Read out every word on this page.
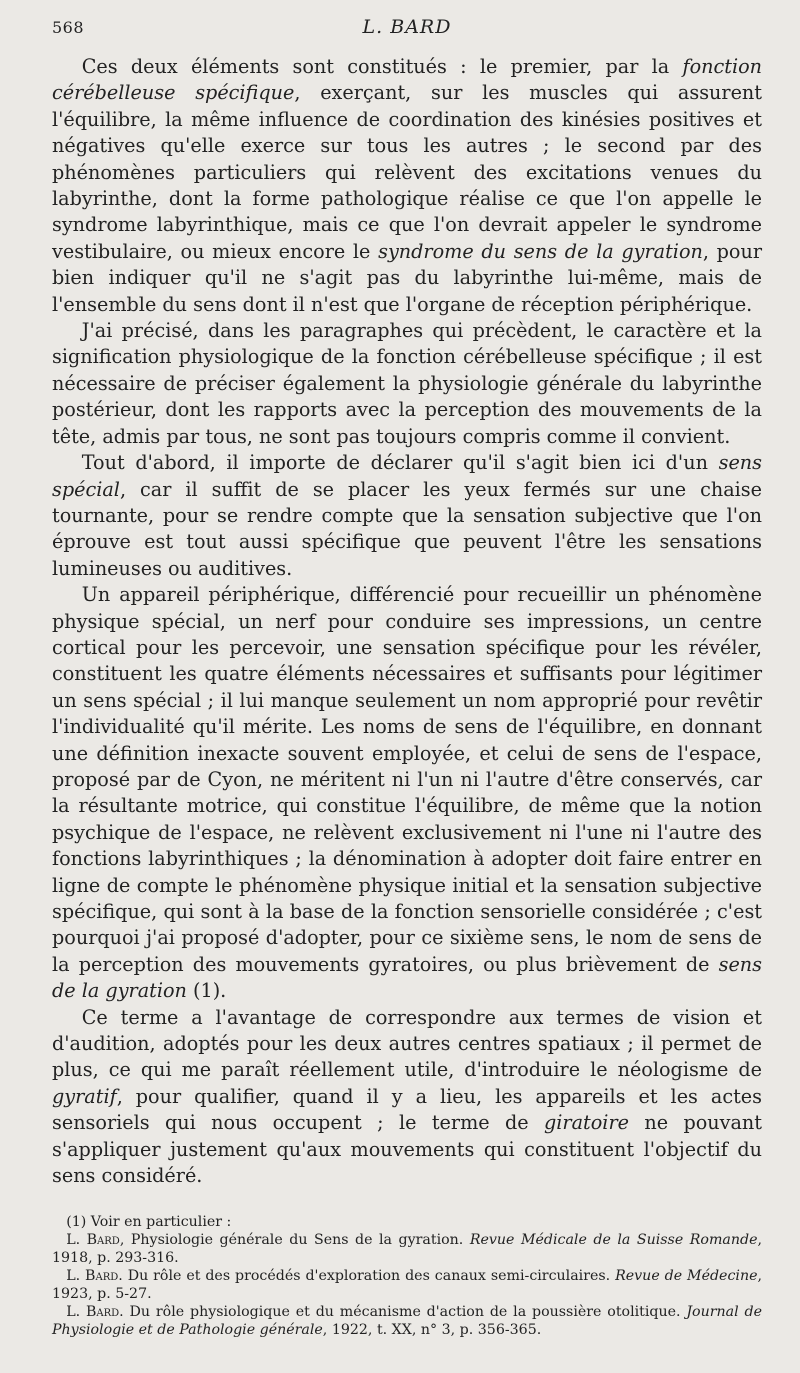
568	L. BARD

Ces deux éléments sont constitués : le premier, par la fonction cérébelleuse spécifique, exerçant, sur les muscles qui assurent l'équilibre, la même influence de coordination des kinésies positives et négatives qu'elle exerce sur tous les autres ; le second par des phénomènes particuliers qui relèvent des excitations venues du labyrinthe, dont la forme pathologique réalise ce que l'on appelle le syndrome labyrinthique, mais ce que l'on devrait appeler le syndrome vestibulaire, ou mieux encore le syndrome du sens de la gyration, pour bien indiquer qu'il ne s'agit pas du labyrinthe lui-même, mais de l'ensemble du sens dont il n'est que l'organe de réception périphérique.

J'ai précisé, dans les paragraphes qui précèdent, le caractère et la signification physiologique de la fonction cérébelleuse spécifique ; il est nécessaire de préciser également la physiologie générale du labyrinthe postérieur, dont les rapports avec la perception des mouvements de la tête, admis par tous, ne sont pas toujours compris comme il convient.

Tout d'abord, il importe de déclarer qu'il s'agit bien ici d'un sens spécial, car il suffit de se placer les yeux fermés sur une chaise tournante, pour se rendre compte que la sensation subjective que l'on éprouve est tout aussi spécifique que peuvent l'être les sensations lumineuses ou auditives.

Un appareil périphérique, différencié pour recueillir un phénomène physique spécial, un nerf pour conduire ses impressions, un centre cortical pour les percevoir, une sensation spécifique pour les révéler, constituent les quatre éléments nécessaires et suffisants pour légitimer un sens spécial ; il lui manque seulement un nom approprié pour revêtir l'individualité qu'il mérite. Les noms de sens de l'équilibre, en donnant une définition inexacte souvent employée, et celui de sens de l'espace, proposé par de Cyon, ne méritent ni l'un ni l'autre d'être conservés, car la résultante motrice, qui constitue l'équilibre, de même que la notion psychique de l'espace, ne relèvent exclusivement ni l'une ni l'autre des fonctions labyrinthiques ; la dénomination à adopter doit faire entrer en ligne de compte le phénomène physique initial et la sensation subjective spécifique, qui sont à la base de la fonction sensorielle considérée ; c'est pourquoi j'ai proposé d'adopter, pour ce sixième sens, le nom de sens de la perception des mouvements gyratoires, ou plus brièvement de sens de la gyration (1).

Ce terme a l'avantage de correspondre aux termes de vision et d'audition, adoptés pour les deux autres centres spatiaux ; il permet de plus, ce qui me paraît réellement utile, d'introduire le néologisme de gyratif, pour qualifier, quand il y a lieu, les appareils et les actes sensoriels qui nous occupent ; le terme de giratoire ne pouvant s'appliquer justement qu'aux mouvements qui constituent l'objectif du sens considéré.

(1) Voir en particulier :

L. Bard, Physiologie générale du Sens de la gyration. Revue Médicale de la Suisse Romande, 1918, p. 293-316.

L. Bard. Du rôle et des procédés d'exploration des canaux semi-circulaires. Revue de Médecine, 1923, p. 5-27.

L. Bard. Du rôle physiologique et du mécanisme d'action de la poussière otolitique. Journal de Physiologie et de Pathologie générale, 1922, t. XX, n° 3, p. 356-365.
